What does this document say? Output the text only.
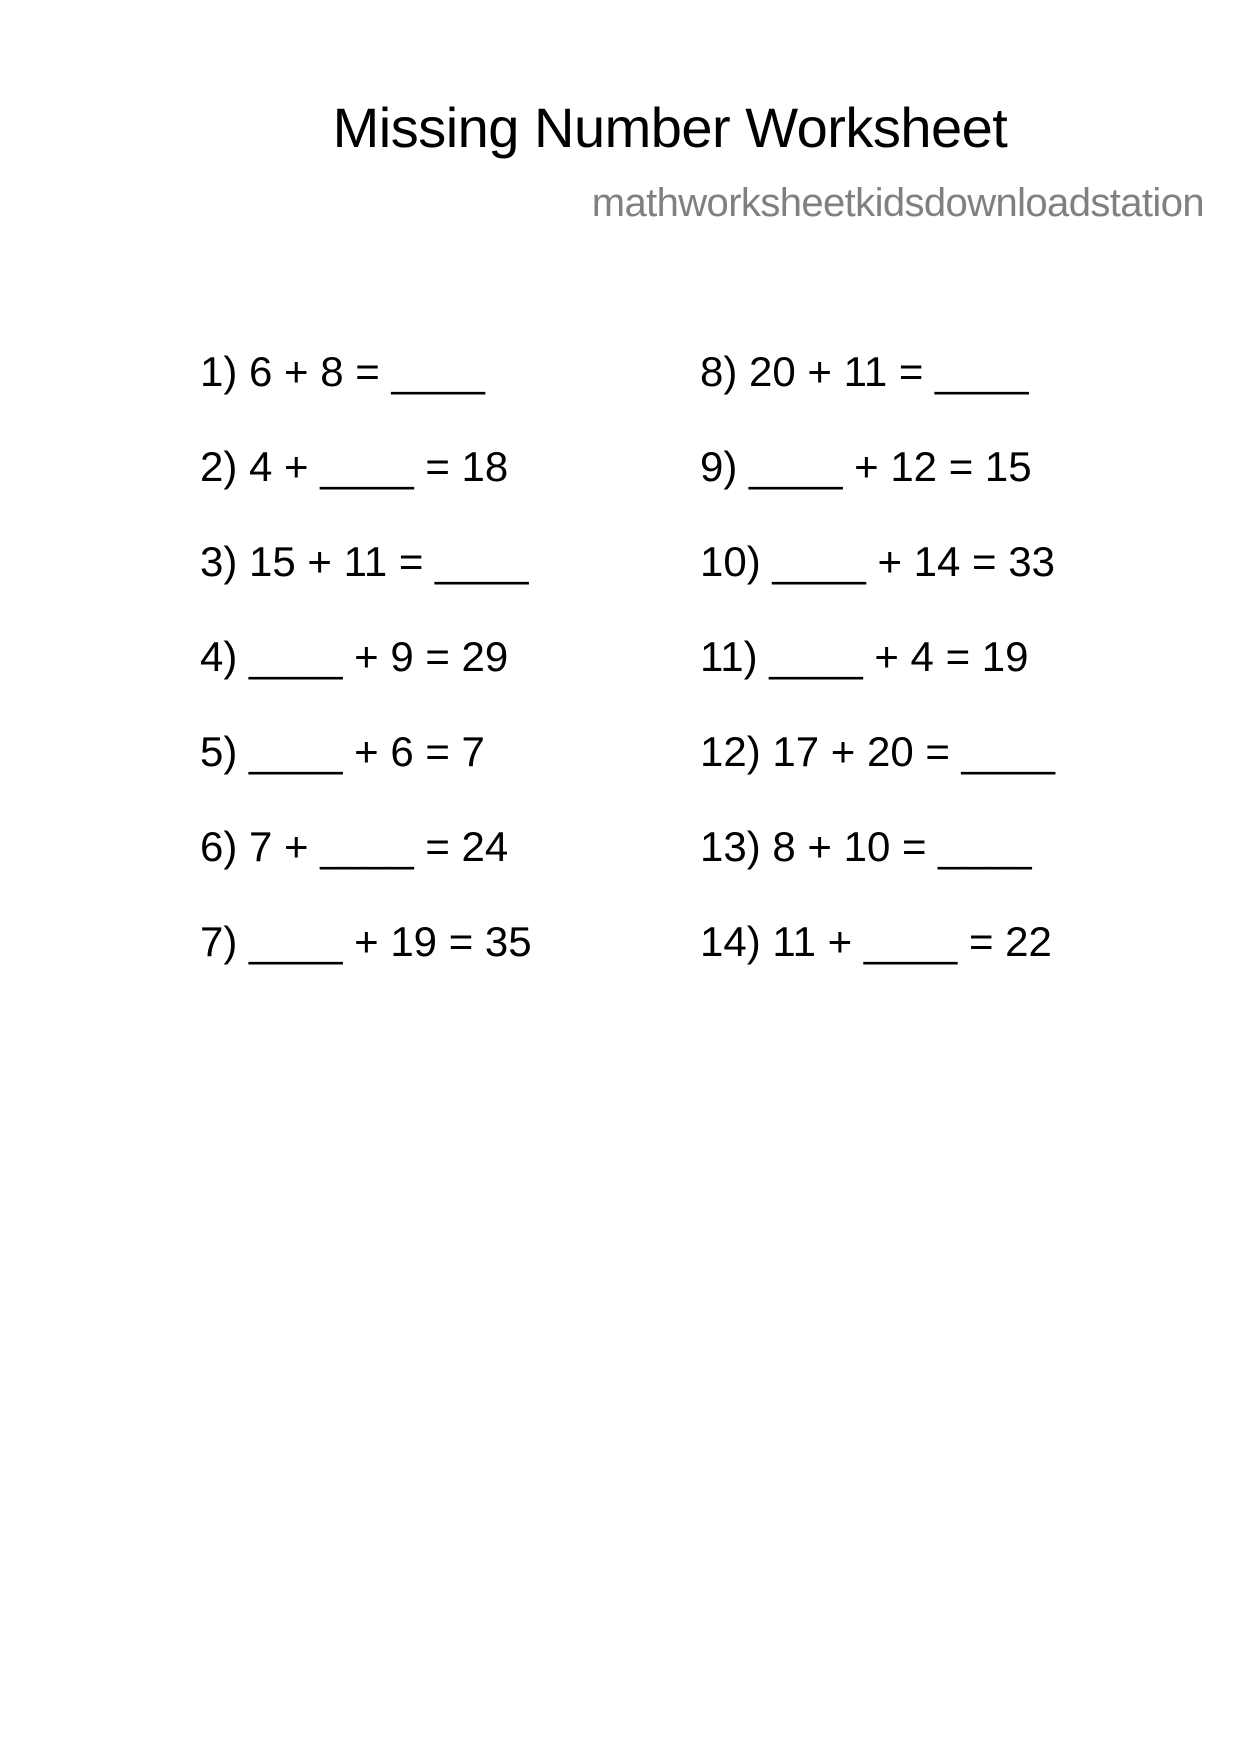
Missing Number Worksheet
mathworksheetkidsdownloadstation

1) 6 + 8 = ____

2) 4 + ____ = 18

3) 15 + 11 = ____

4) ____ + 9 = 29

5) ____ + 6 = 7

6) 7 + ____ = 24

7) ____ + 19 = 35

8) 20 + 11 = ____

9) ____ + 12 = 15

10) ____ + 14 = 33

11) ____ + 4 = 19

12) 17 + 20 = ____

13) 8 + 10 = ____

14) 11 + ____ = 22
